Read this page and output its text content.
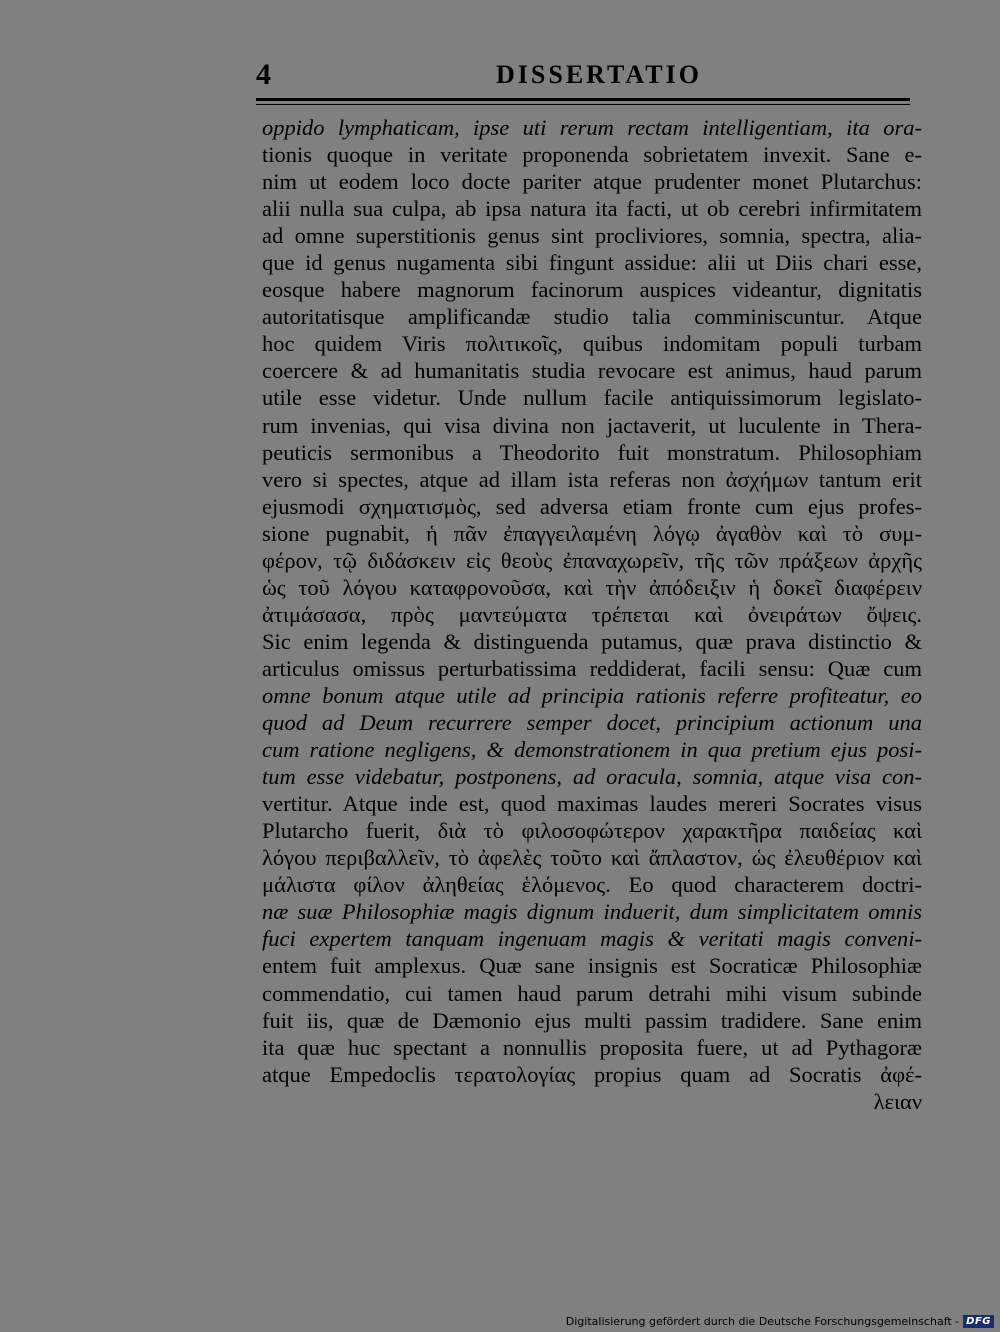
4	DISSERTATIO
oppido lymphaticam, ipse uti rerum rectam intelligentiam, ita ora-
tionis quoque in veritate proponenda sobrietatem invexit. Sane e-
nim ut eodem loco docte pariter atque prudenter monet Plutarchus:
alii nulla sua culpa, ab ipsa natura ita facti, ut ob cerebri infirmitatem
ad omne superstitionis genus sint procliviores, somnia, spectra, alia-
que id genus nugamenta sibi fingunt assidue: alii ut Diis chari esse,
eosque habere magnorum facinorum auspices videantur, dignitatis
autoritatisque amplificandæ studio talia comminiscuntur. Atque
hoc quidem Viris πολιτικοῖς, quibus indomitam populi turbam
coercere & ad humanitatis studia revocare est animus, haud parum
utile esse videtur. Unde nullum facile antiquissimorum legislato-
rum invenias, qui visa divina non jactaverit, ut luculente in Thera-
peuticis sermonibus a Theodorito fuit monstratum. Philosophiam
vero si spectes, atque ad illam ista referas non ἀσχήμων tantum erit
ejusmodi σχηματισμὸς, sed adversa etiam fronte cum ejus profes-
sione pugnabit, ἡ πᾶν ἐπαγγειλαμένη λόγῳ ἀγαθὸν καὶ τὸ συμ-
φέρον, τῷ διδάσκειν εἰς θεοὺς ἐπαναχωρεῖν, τῆς τῶν πράξεων ἀρχῆς
ὡς τοῦ λόγου καταφρονοῦσα, καὶ τὴν ἀπόδειξιν ἡ δοκεῖ διαφέρειν
ἀτιμάσασα, πρὸς μαντεύματα τρέπεται καὶ ὀνειράτων ὄψεις.
Sic enim legenda & distinguenda putamus, quæ prava distinctio &
articulus omissus perturbatissima reddiderat, facili sensu: Quæ cum
omne bonum atque utile ad principia rationis referre profiteatur, eo
quod ad Deum recurrere semper docet, principium actionum una
cum ratione negligens, & demonstrationem in qua pretium ejus posi-
tum esse videbatur, postponens, ad oracula, somnia, atque visa con-
vertitur. Atque inde est, quod maximas laudes mereri Socrates visus
Plutarcho fuerit, διὰ τὸ φιλοσοφώτερον χαρακτῆρα παιδείας καὶ
λόγου περιβαλλεῖν, τὸ ἀφελὲς τοῦτο καὶ ἄπλαστον, ὡς ἐλευθέριον καὶ
μάλιστα φίλον ἀληθείας ἑλόμενος. Eo quod characterem doctri-
næ suæ Philosophiæ magis dignum induerit, dum simplicitatem omnis
fuci expertem tanquam ingenuam magis & veritati magis conveni-
entem fuit amplexus. Quæ sane insignis est Socraticæ Philosophiæ
commendatio, cui tamen haud parum detrahi mihi visum subinde
fuit iis, quæ de Dæmonio ejus multi passim tradidere. Sane enim
ita quæ huc spectant a nonnullis proposita fuere, ut ad Pythagoræ
atque Empedoclis τερατολογίας propius quam ad Socratis ἀφέ-
λειαν
Digitalisierung gefördert durch die Deutsche Forschungsgemeinschaft - DFG
